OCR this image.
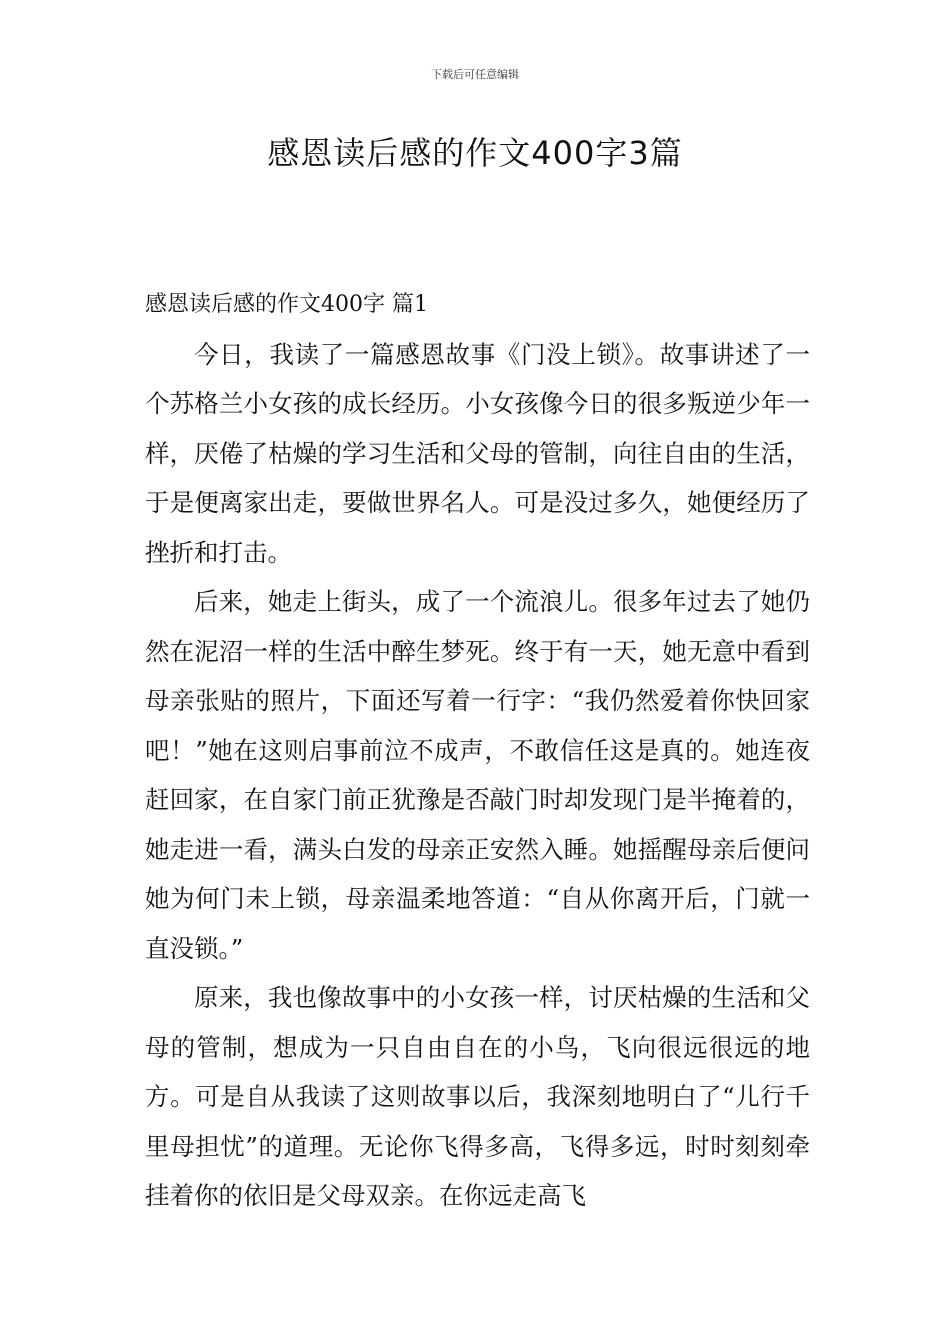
下载后可任意编辑
感恩读后感的作文400字3篇

感恩读后感的作文400字 篇1

今日，我读了一篇感恩故事《门没上锁》。故事讲述了一个苏格兰小女孩的成长经历。小女孩像今日的很多叛逆少年一样，厌倦了枯燥的学习生活和父母的管制，向往自由的生活，于是便离家出走，要做世界名人。可是没过多久，她便经历了挫折和打击。

后来，她走上街头，成了一个流浪儿。很多年过去了她仍然在泥沼一样的生活中醉生梦死。终于有一天，她无意中看到母亲张贴的照片，下面还写着一行字：“我仍然爱着你快回家吧！”她在这则启事前泣不成声，不敢信任这是真的。她连夜赶回家，在自家门前正犹豫是否敲门时却发现门是半掩着的，她走进一看，满头白发的母亲正安然入睡。她摇醒母亲后便问她为何门未上锁，母亲温柔地答道：“自从你离开后，门就一直没锁。”

原来，我也像故事中的小女孩一样，讨厌枯燥的生活和父母的管制，想成为一只自由自在的小鸟，飞向很远很远的地方。可是自从我读了这则故事以后，我深刻地明白了“儿行千里母担忧”的道理。无论你飞得多高，飞得多远，时时刻刻牵挂着你的依旧是父母双亲。在你远走高飞
